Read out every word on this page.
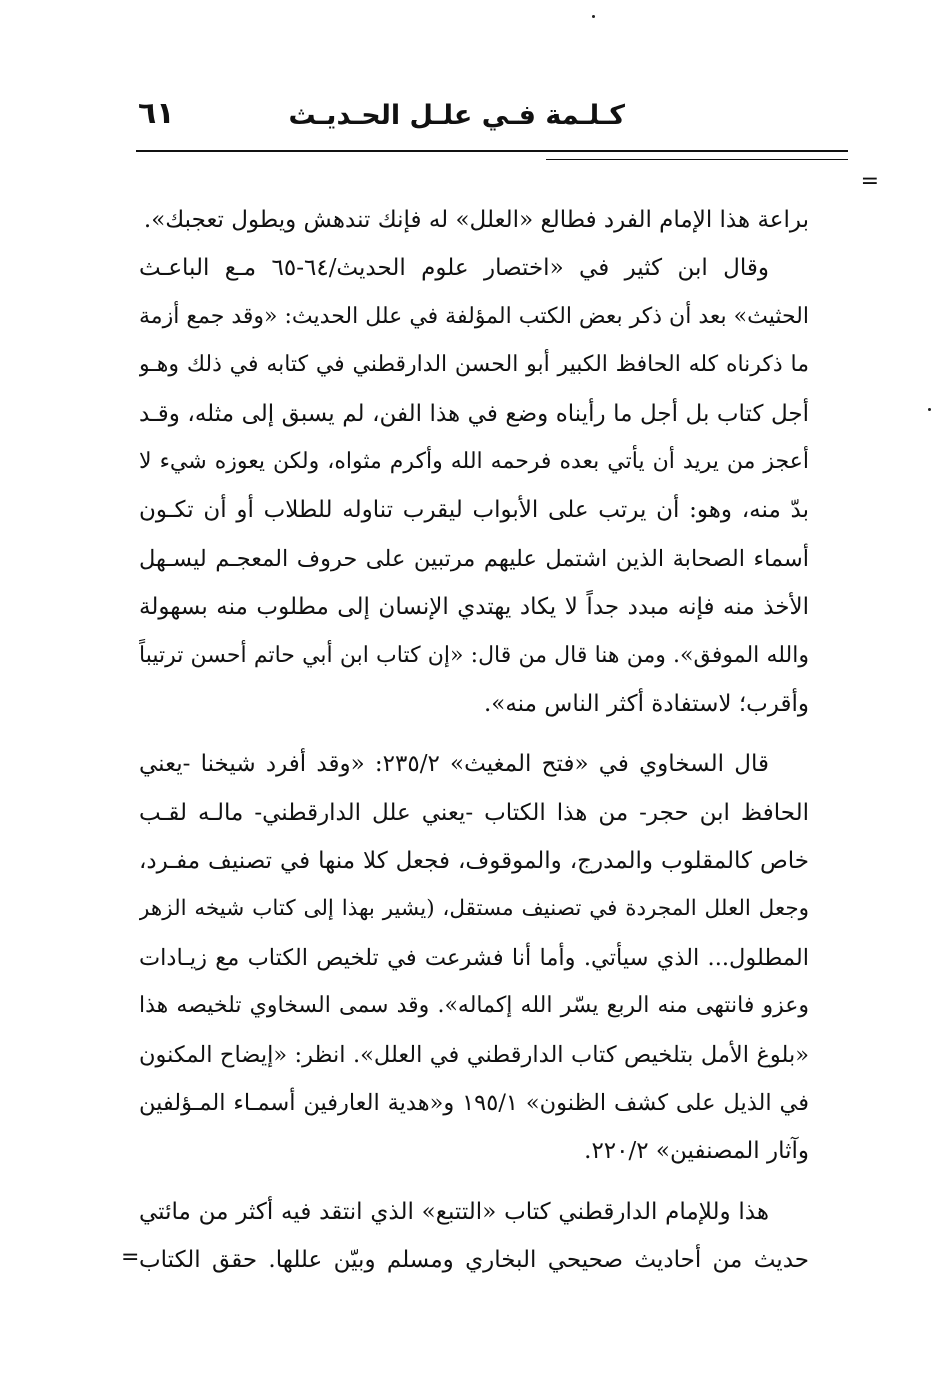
٦١	كـلـمة فـي علـل الحـديـث
=
=
براعة هذا الإمام الفرد فطالع «العلل» له فإنك تندهش ويطول تعجبك».
وقال ابن كثير في «اختصار علوم الحديث/٦٤-٦٥ مـع الباعـث
الحثيث» بعد أن ذكر بعض الكتب المؤلفة في علل الحديث: «وقد جمع أزمة
ما ذكرناه كله الحافظ الكبير أبو الحسن الدارقطني في كتابه في ذلك وهـو
أجل كتاب بل أجل ما رأيناه وضع في هذا الفن، لم يسبق إلى مثله، وقـد
أعجز من يريد أن يأتي بعده فرحمه الله وأكرم مثواه، ولكن يعوزه شيء لا
بدّ منه، وهو: أن يرتب على الأبواب ليقرب تناوله للطلاب أو أن تكـون
أسماء الصحابة الذين اشتمل عليهم مرتبين على حروف المعجـم ليسـهل
الأخذ منه فإنه مبدد جداً لا يكاد يهتدي الإنسان إلى مطلوب منه بسهولة
والله الموفق». ومن هنا قال من قال: «إن كتاب ابن أبي حاتم أحسن ترتيباً
وأقرب؛ لاستفادة أكثر الناس منه».
قال السخاوي في «فتح المغيث» ٢٣٥/٢: «وقد أفرد شيخنا -يعني
الحافظ ابن حجر- من هذا الكتاب -يعني علل الدارقطني- مالـه لقـب
خاص كالمقلوب والمدرج، والموقوف، فجعل كلا منها في تصنيف مفـرد،
وجعل العلل المجردة في تصنيف مستقل، (يشير بهذا إلى كتاب شيخه الزهر
المطلول... الذي سيأتي. وأما أنا فشرعت في تلخيص الكتاب مع زيـادات
وعزو فانتهى منه الربع يسّر الله إكماله». وقد سمى السخاوي تلخيصه هذا
«بلوغ الأمل بتلخيص كتاب الدارقطني في العلل». انظر: «إيضاح المكنون
في الذيل على كشف الظنون» ١٩٥/١ و«هدية العارفين أسمـاء المـؤلفين
وآثار المصنفين» ٢٢٠/٢.
هذا وللإمام الدارقطني كتاب «التتبع» الذي انتقد فيه أكثر من مائتي
حديث من أحاديث صحيحي البخاري ومسلم وبيّن عللها. حقق الكتاب
